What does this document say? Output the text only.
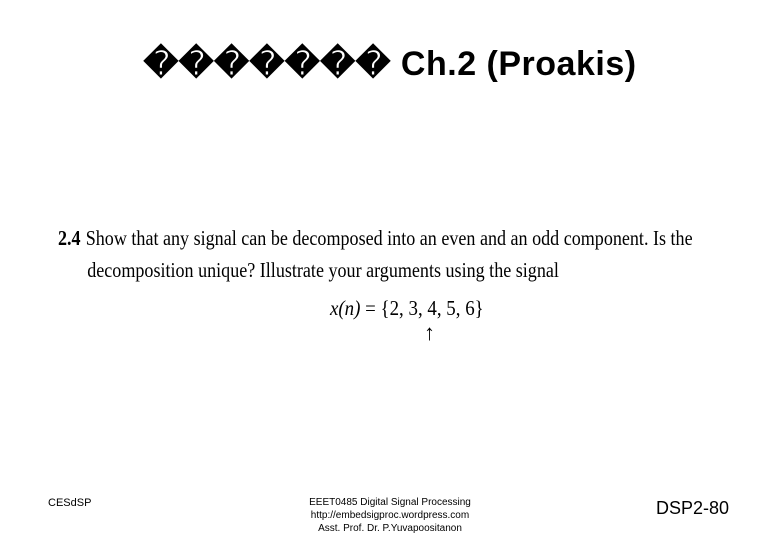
������� Ch.2 (Proakis)
2.4 Show that any signal can be decomposed into an even and an odd component. Is the
decomposition unique? Illustrate your arguments using the signal
x(n) = {2, 3, 4, 5, 6}
↑
CESdSP	EEET0485 Digital Signal Processing
http://embedsigproc.wordpress.com
Asst. Prof. Dr. P.Yuvapoositanon
DSP2-80
